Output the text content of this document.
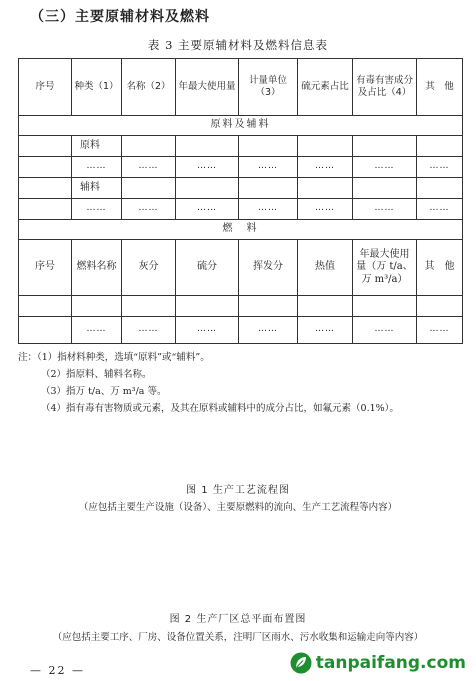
（三）主要原辅材料及燃料
表 3 主要原辅材料及燃料信息表
序号	种类（1）	名称（2）	年最大使用量	计量单位（3）	硫元素占比	有毒有害成分及占比（4）	其　他
原料及辅料							
	原料						
	……	……	……	……	……	……	……
	辅料						
	……	……	……	……	……	……	……
燃　料							
序号	燃料名称	灰分	硫分	挥发分	热值	年最大使用量（万 t/a、万 m³/a）	其　他

	……	……	……	……	……	……	……
注：（1）指材料种类，选填“原料”或“辅料”。
（2）指原料、辅料名称。
（3）指万 t/a、万 m³/a 等。
（4）指有毒有害物质或元素，及其在原料或辅料中的成分占比，如氟元素（0.1%）。
图 1 生产工艺流程图
（应包括主要生产设施（设备）、主要原燃料的流向、生产工艺流程等内容）
图 2 生产厂区总平面布置图
（应包括主要工序、厂房、设备位置关系，注明厂区雨水、污水收集和运输走向等内容）
— 22 —	tanpaifang.com
